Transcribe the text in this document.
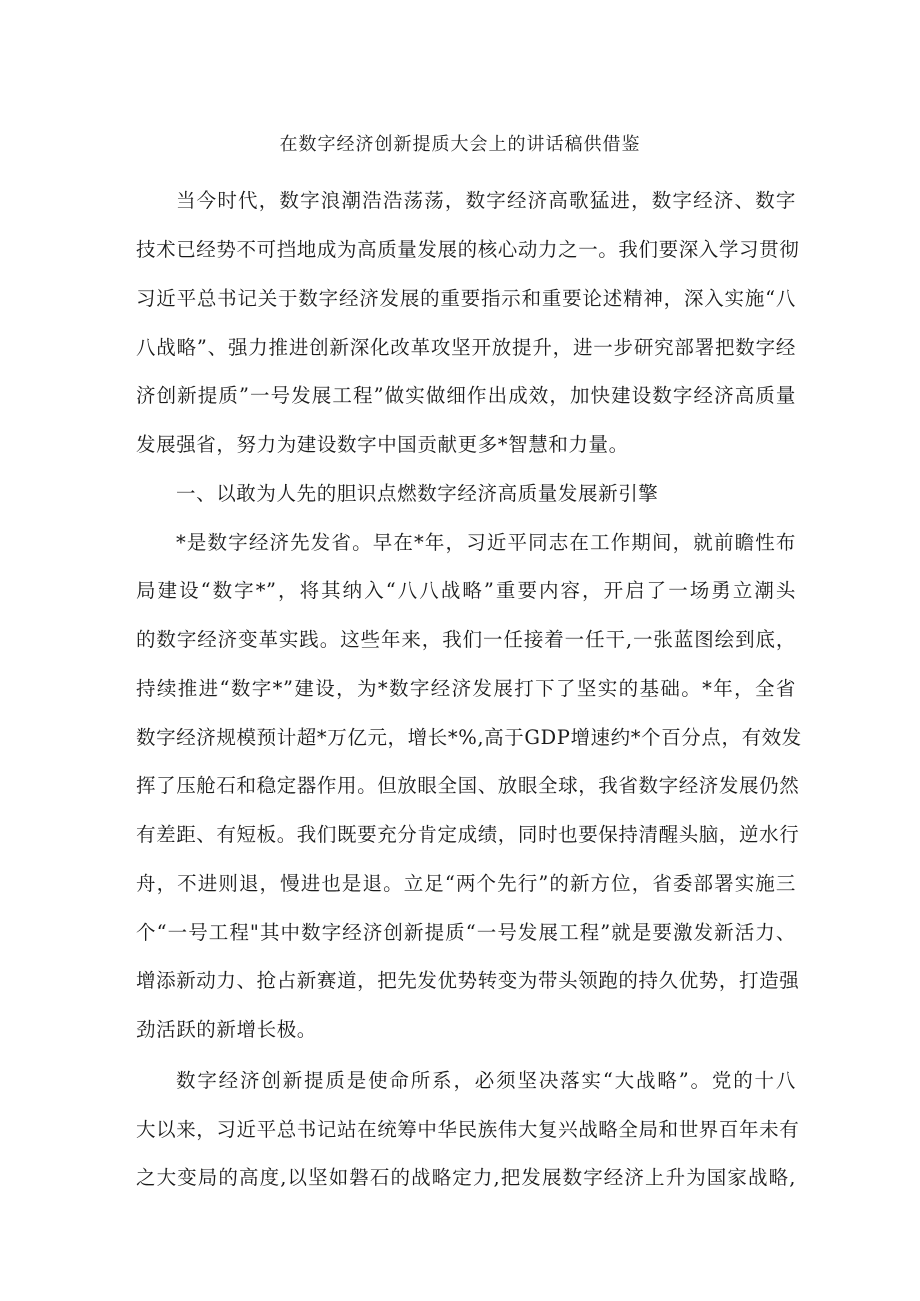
在数字经济创新提质大会上的讲话稿供借鉴
当今时代，数字浪潮浩浩荡荡，数字经济高歌猛进，数字经济、数字
技术已经势不可挡地成为高质量发展的核心动力之一。我们要深入学习贯彻
习近平总书记关于数字经济发展的重要指示和重要论述精神，深入实施“八
八战略”、强力推进创新深化改革攻坚开放提升，进一步研究部署把数字经
济创新提质”一号发展工程”做实做细作出成效，加快建设数字经济高质量
发展强省，努力为建设数字中国贡献更多*智慧和力量。
一、以敢为人先的胆识点燃数字经济高质量发展新引擎
*是数字经济先发省。早在*年，习近平同志在工作期间，就前瞻性布
局建设“数字*”，将其纳入“八八战略”重要内容，开启了一场勇立潮头
的数字经济变革实践。这些年来，我们一任接着一任干,一张蓝图绘到底，
持续推进“数字*”建设，为*数字经济发展打下了坚实的基础。*年，全省
数字经济规模预计超*万亿元，增长*%,高于GDP增速约*个百分点，有效发
挥了压舱石和稳定器作用。但放眼全国、放眼全球，我省数字经济发展仍然
有差距、有短板。我们既要充分肯定成绩，同时也要保持清醒头脑，逆水行
舟，不进则退，慢进也是退。立足“两个先行”的新方位，省委部署实施三
个“一号工程"其中数字经济创新提质“一号发展工程”就是要激发新活力、
增添新动力、抢占新赛道，把先发优势转变为带头领跑的持久优势，打造强
劲活跃的新增长极。
数字经济创新提质是使命所系，必须坚决落实“大战略”。党的十八
大以来，习近平总书记站在统筹中华民族伟大复兴战略全局和世界百年未有
之大变局的高度,以坚如磐石的战略定力,把发展数字经济上升为国家战略,
